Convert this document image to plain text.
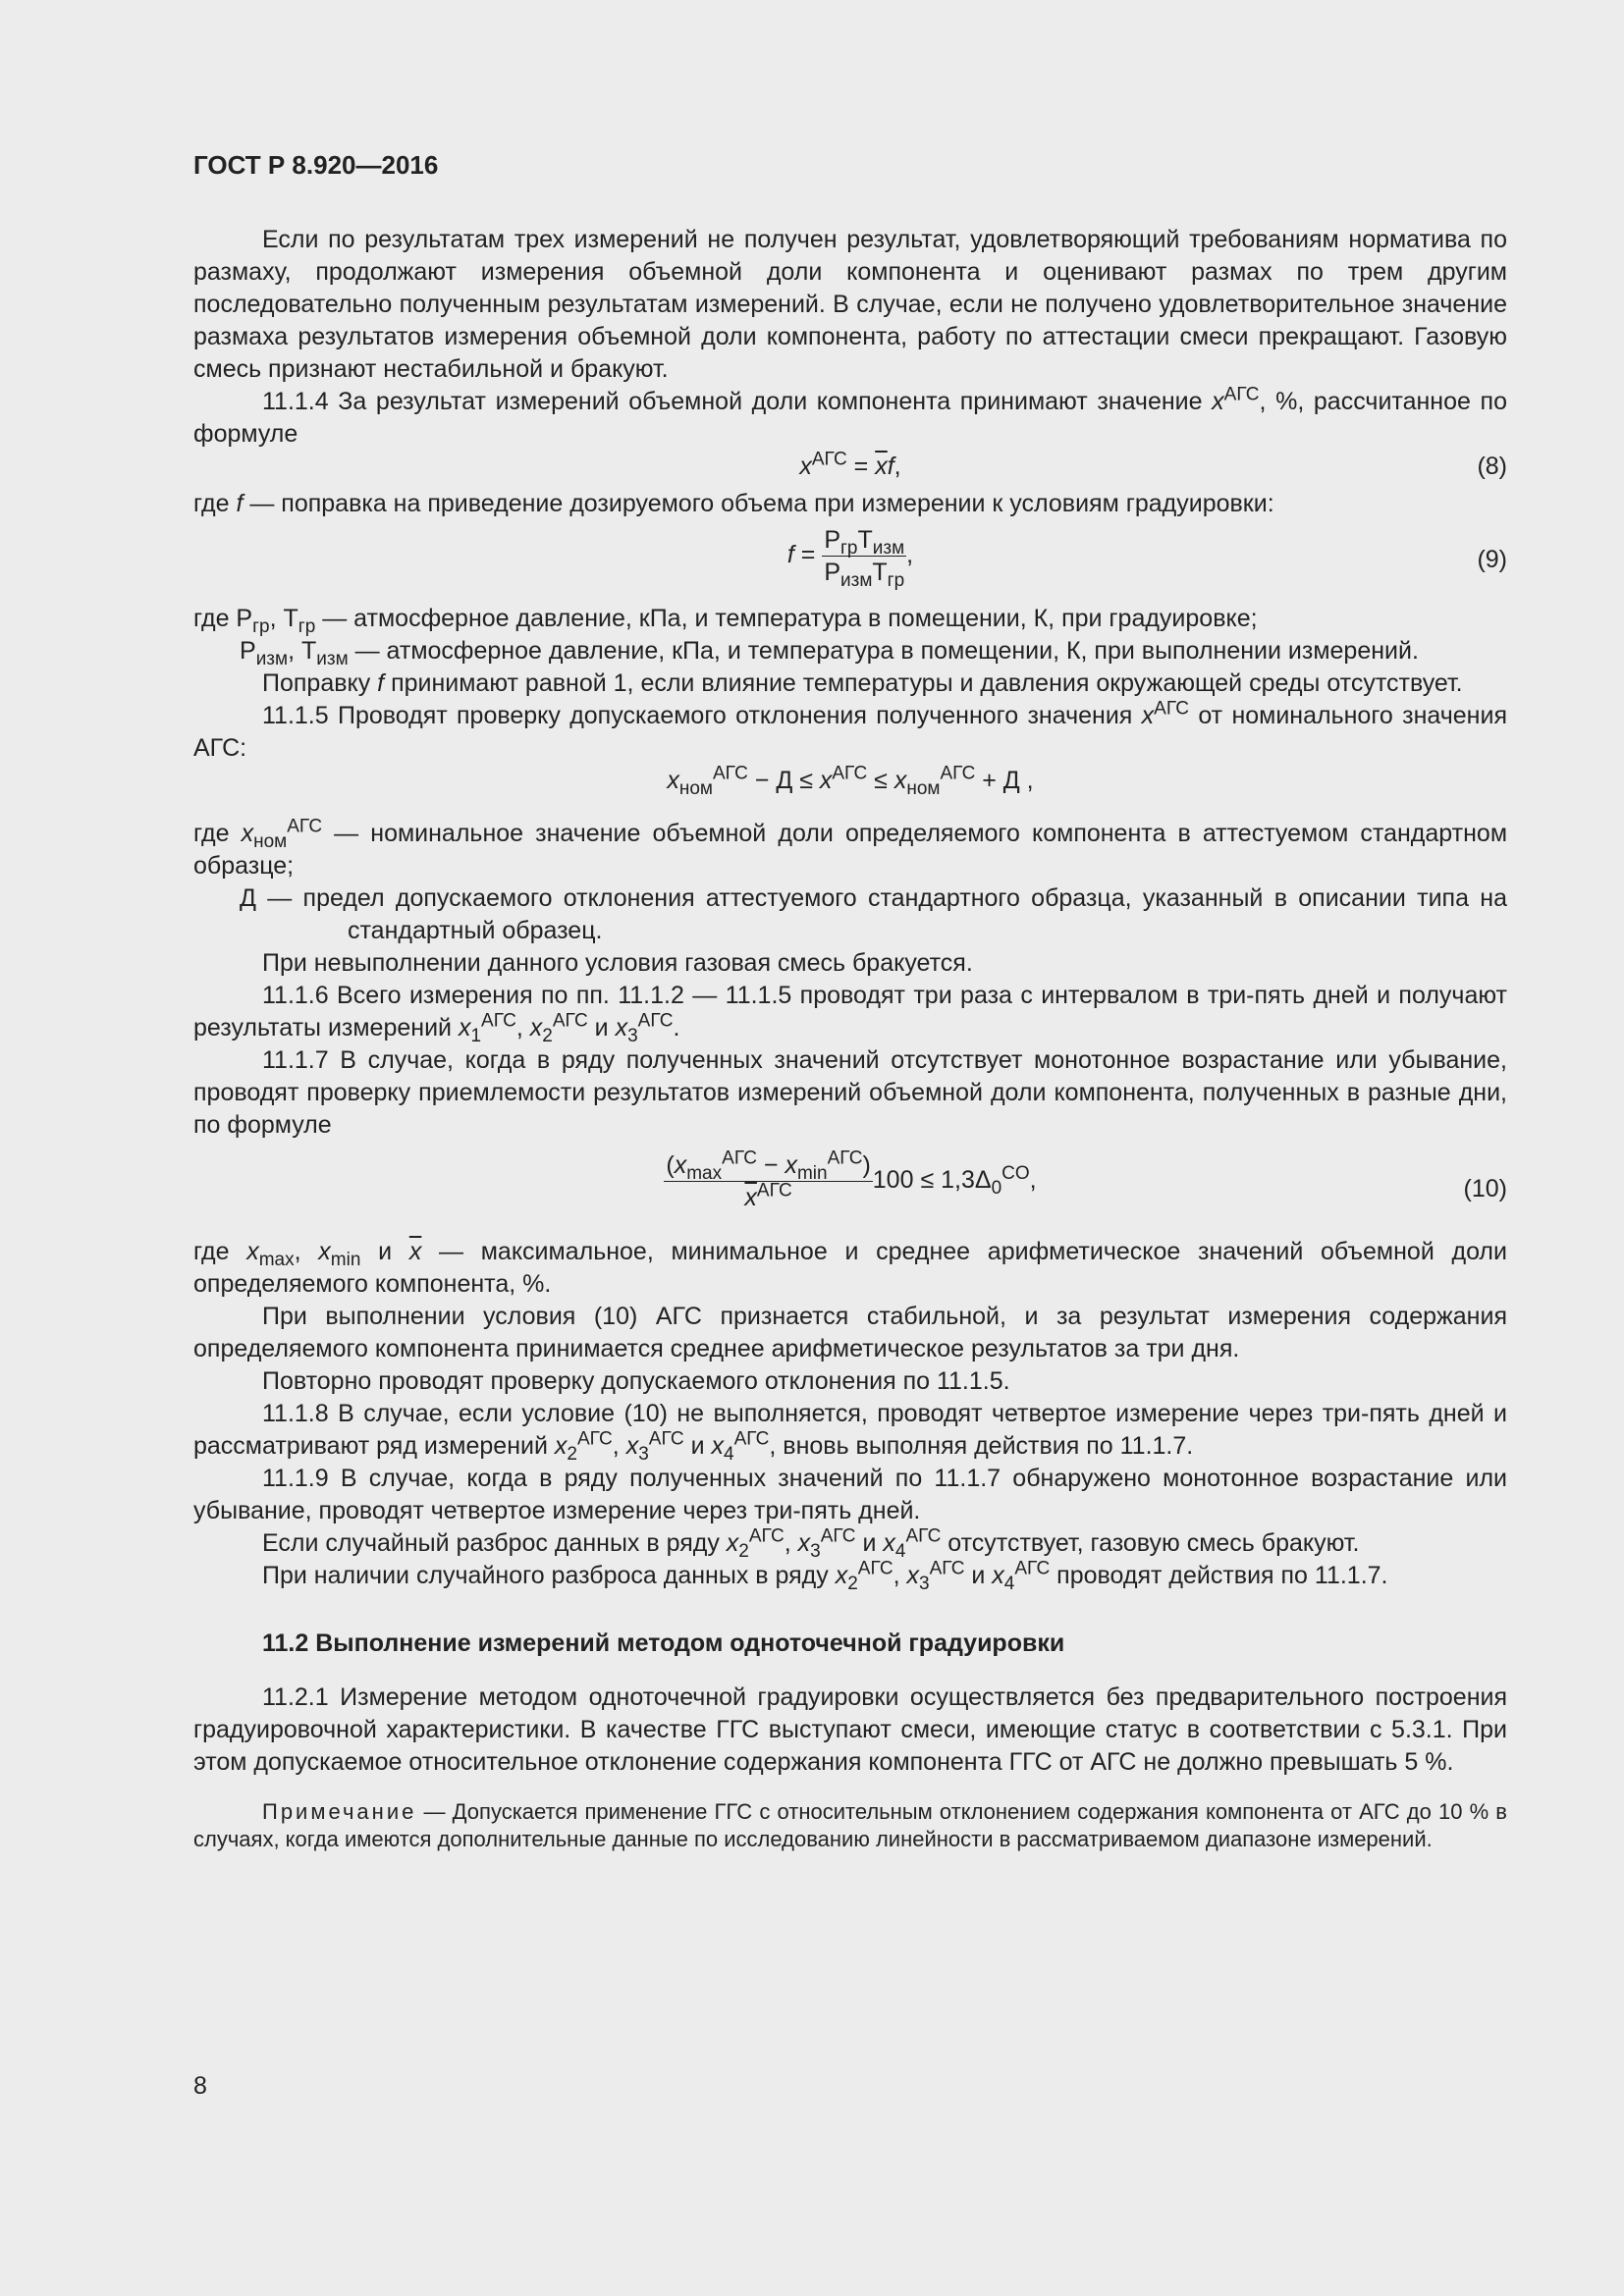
ГОСТ Р 8.920—2016

Если по результатам трех измерений не получен результат, удовлетворяющий требованиям норматива по размаху, продолжают измерения объемной доли компонента и оценивают размах по трем другим последовательно полученным результатам измерений. В случае, если не получено удовлетворительное значение размаха результатов измерения объемной доли компонента, работу по аттестации смеси прекращают. Газовую смесь признают нестабильной и бракуют.

11.1.4 За результат измерений объемной доли компонента принимают значение $x^{АГС}$, %, рассчитанное по формуле

$x^{АГС} = \overline{x}f$,	(8)

где f — поправка на приведение дозируемого объема при измерении к условиям градуировки:

$f = \frac{P_{гр}T_{изм}}{P_{изм}T_{гр}}$ ,	(9)

где $P_{гр}$, $T_{гр}$ — атмосферное давление, кПа, и температура в помещении, К, при градуировке;

$P_{изм}$, $T_{изм}$ — атмосферное давление, кПа, и температура в помещении, К, при выполнении измерений.

Поправку f принимают равной 1, если влияние температуры и давления окружающей среды отсутствует.

11.1.5 Проводят проверку допускаемого отклонения полученного значения $x^{АГС}$ от номинального значения АГС:

$x_{ном}^{АГС} - Д \le x^{АГС} \le x_{ном}^{АГС} + Д$ ,

где $x_{ном}^{АГС}$ — номинальное значение объемной доли определяемого компонента в аттестуемом стандартном образце;

Д — предел допускаемого отклонения аттестуемого стандартного образца, указанный в описании типа на стандартный образец.

При невыполнении данного условия газовая смесь бракуется.

11.1.6 Всего измерения по пп. 11.1.2 — 11.1.5 проводят три раза с интервалом в три-пять дней и получают результаты измерений $x_1^{АГС}$, $x_2^{АГС}$ и $x_3^{АГС}$.

11.1.7 В случае, когда в ряду полученных значений отсутствует монотонное возрастание или убывание, проводят проверку приемлемости результатов измерений объемной доли компонента, полученных в разные дни, по формуле

$\frac{(x_{max}^{АГС} - x_{min}^{АГС})}{\overline{x}^{АГС}} 100 \le 1,3\Delta_0^{CO}$,	(10)

где $x_{max}$, $x_{min}$ и $\overline{x}$ — максимальное, минимальное и среднее арифметическое значений объемной доли определяемого компонента, %.

При выполнении условия (10) АГС признается стабильной, и за результат измерения содержания определяемого компонента принимается среднее арифметическое результатов за три дня.

Повторно проводят проверку допускаемого отклонения по 11.1.5.

11.1.8 В случае, если условие (10) не выполняется, проводят четвертое измерение через три-пять дней и рассматривают ряд измерений $x_2^{АГС}$, $x_3^{АГС}$ и $x_4^{АГС}$, вновь выполняя действия по 11.1.7.

11.1.9 В случае, когда в ряду полученных значений по 11.1.7 обнаружено монотонное возрастание или убывание, проводят четвертое измерение через три-пять дней.

Если случайный разброс данных в ряду $x_2^{АГС}$, $x_3^{АГС}$ и $x_4^{АГС}$ отсутствует, газовую смесь бракуют.

При наличии случайного разброса данных в ряду $x_2^{АГС}$, $x_3^{АГС}$ и $x_4^{АГС}$ проводят действия по 11.1.7.

11.2 Выполнение измерений методом одноточечной градуировки

11.2.1 Измерение методом одноточечной градуировки осуществляется без предварительного построения градуировочной характеристики. В качестве ГГС выступают смеси, имеющие статус в соответствии с 5.3.1. При этом допускаемое относительное отклонение содержания компонента ГГС от АГС не должно превышать 5 %.

Примечание — Допускается применение ГГС с относительным отклонением содержания компонента от АГС до 10 % в случаях, когда имеются дополнительные данные по исследованию линейности в рассматриваемом диапазоне измерений.
8
